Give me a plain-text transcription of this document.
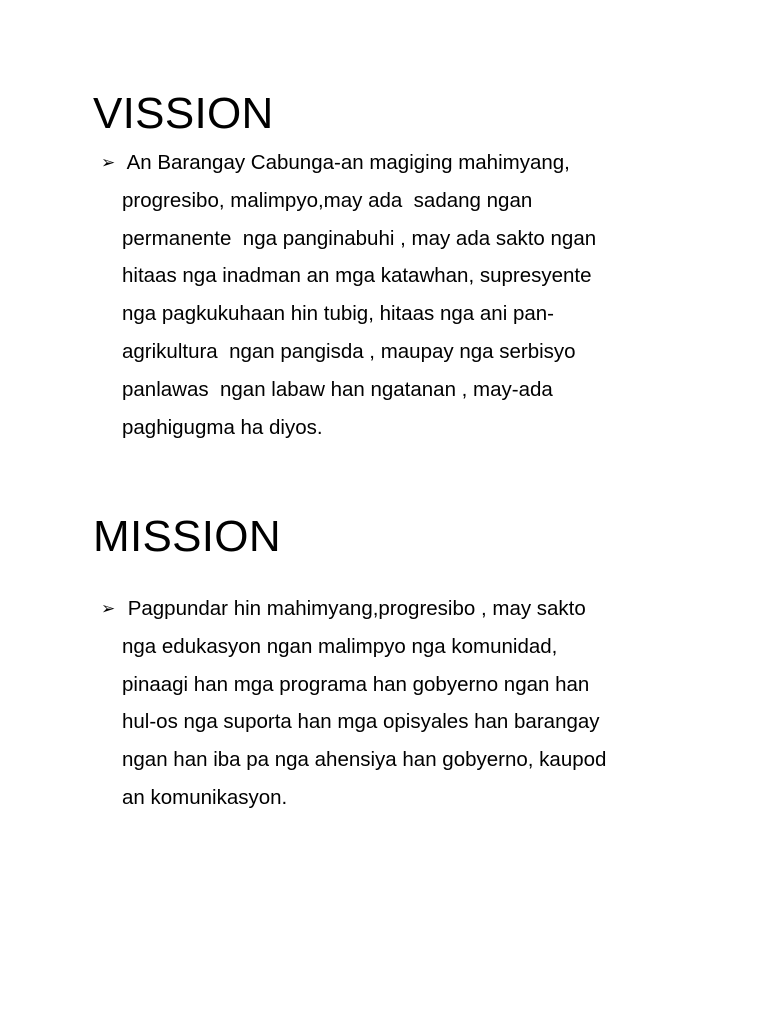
VISSION
➢ An Barangay Cabunga-an magiging mahimyang,
progresibo, malimpyo,may ada  sadang ngan
permanente  nga panginabuhi , may ada sakto ngan
hitaas nga inadman an mga katawhan, supresyente
nga pagkukuhaan hin tubig, hitaas nga ani pan-
agrikultura  ngan pangisda , maupay nga serbisyo
panlawas  ngan labaw han ngatanan , may-ada
paghigugma ha diyos.
MISSION
➢ Pagpundar hin mahimyang,progresibo , may sakto
nga edukasyon ngan malimpyo nga komunidad,
pinaagi han mga programa han gobyerno ngan han
hul-os nga suporta han mga opisyales han barangay
ngan han iba pa nga ahensiya han gobyerno, kaupod
an komunikasyon.
